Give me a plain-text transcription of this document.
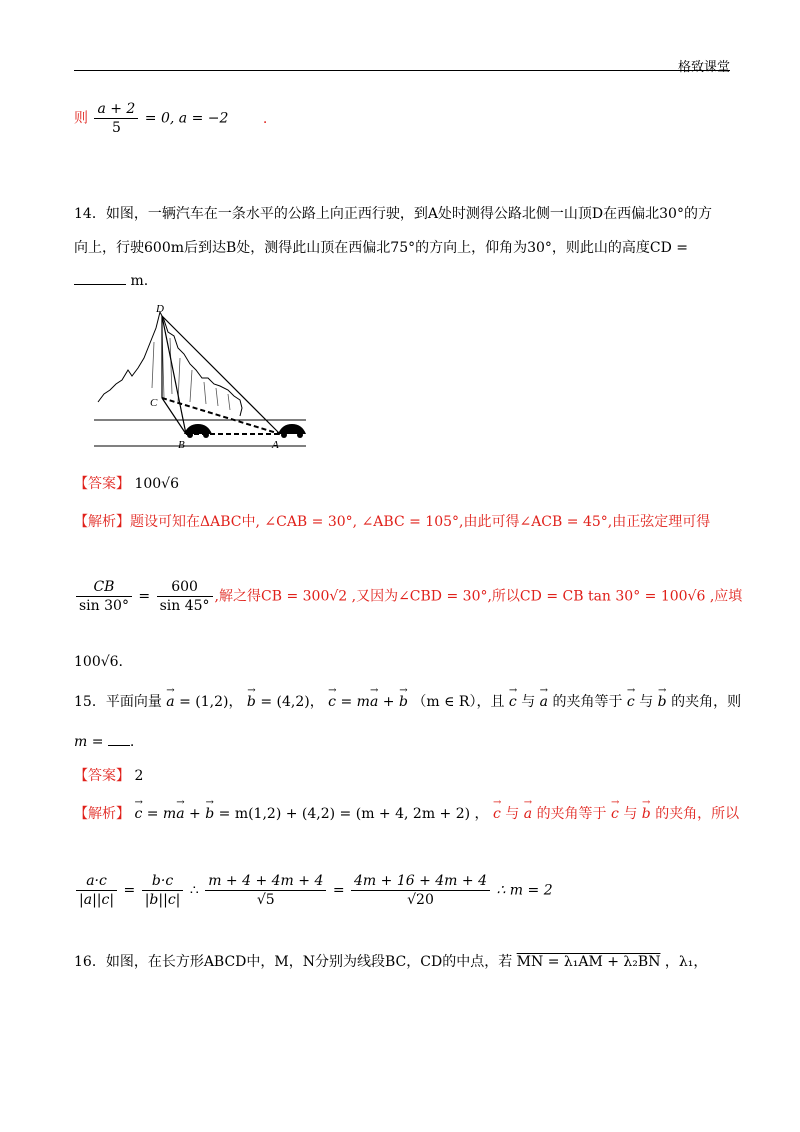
格致课堂
则 $\frac{a + 2}{5} = 0$, a = −2 .
14．如图，一辆汽车在一条水平的公路上向正西行驶，到A处时测得公路北侧一山顶D在西偏北30°的方
向上，行驶600m后到达B处，测得此山顶在西偏北75°的方向上，仰角为30°，则此山的高度CD =
m.
D
C
B	A
【答案】 100√6
【解析】题设可知在ΔABC中, ∠CAB = 30°, ∠ABC = 105°,由此可得∠ACB = 45°,由正弦定理可得
$\frac{CB}{\sin 30^\circ} = \frac{600}{\sin 45^\circ}$ ,解之得CB = 300√2 ,又因为∠CBD = 30°,所以CD = CB tan 30° = 100√6 ,应填
100√6.
15．平面向量 → a = (1,2)， → b = (4,2)， → c = m→ a + → b （m ∈ R），且 → c 与 → a 的夹角等于 → c 与 → b 的夹角，则
m = .
【答案】 2
【解析】 → c = m→ a + → b = m(1,2) + (4,2) = (m + 4, 2m + 2) ， → c 与 → a 的夹角等于 → c 与 → b 的夹角，所以
$\frac{a\cdot c}{|a||c|} = \frac{b\cdot c}{|b||c|}$ ∴ $\frac{m + 4 + 4m + 4}{√5} = \frac{4m + 16 + 4m + 4}{√20}$ ∴ m = 2
16．如图，在长方形ABCD中，M，N分别为线段BC，CD的中点，若 MN = λ₁AM + λ₂BN ，λ₁，
